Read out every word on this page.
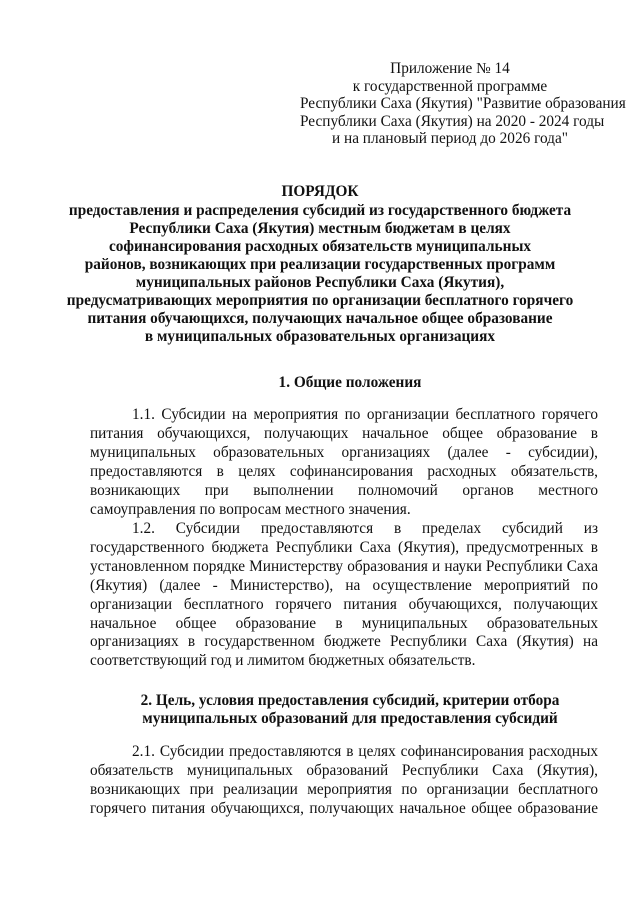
Приложение № 14
к государственной программе
Республики Саха (Якутия) "Развитие образования
Республики Саха (Якутия) на 2020 - 2024 годы
и на плановый период до 2026 года"
ПОРЯДОК
предоставления и распределения субсидий из государственного бюджета
Республики Саха (Якутия) местным бюджетам в целях
софинансирования расходных обязательств муниципальных
районов, возникающих при реализации государственных программ
муниципальных районов Республики Саха (Якутия),
предусматривающих мероприятия по организации бесплатного горячего
питания обучающихся, получающих начальное общее образование
в муниципальных образовательных организациях
1. Общие положения
1.1. Субсидии на мероприятия по организации бесплатного горячего
питания обучающихся, получающих начальное общее образование в
муниципальных образовательных организациях (далее - субсидии),
предоставляются в целях софинансирования расходных обязательств,
возникающих при выполнении полномочий органов местного
самоуправления по вопросам местного значения.
1.2. Субсидии предоставляются в пределах субсидий из
государственного бюджета Республики Саха (Якутия), предусмотренных в
установленном порядке Министерству образования и науки Республики Саха
(Якутия) (далее - Министерство), на осуществление мероприятий по
организации бесплатного горячего питания обучающихся, получающих
начальное общее образование в муниципальных образовательных
организациях в государственном бюджете Республики Саха (Якутия) на
соответствующий год и лимитом бюджетных обязательств.
2. Цель, условия предоставления субсидий, критерии отбора
муниципальных образований для предоставления субсидий
2.1. Субсидии предоставляются в целях софинансирования расходных
обязательств муниципальных образований Республики Саха (Якутия),
возникающих при реализации мероприятия по организации бесплатного
горячего питания обучающихся, получающих начальное общее образование
